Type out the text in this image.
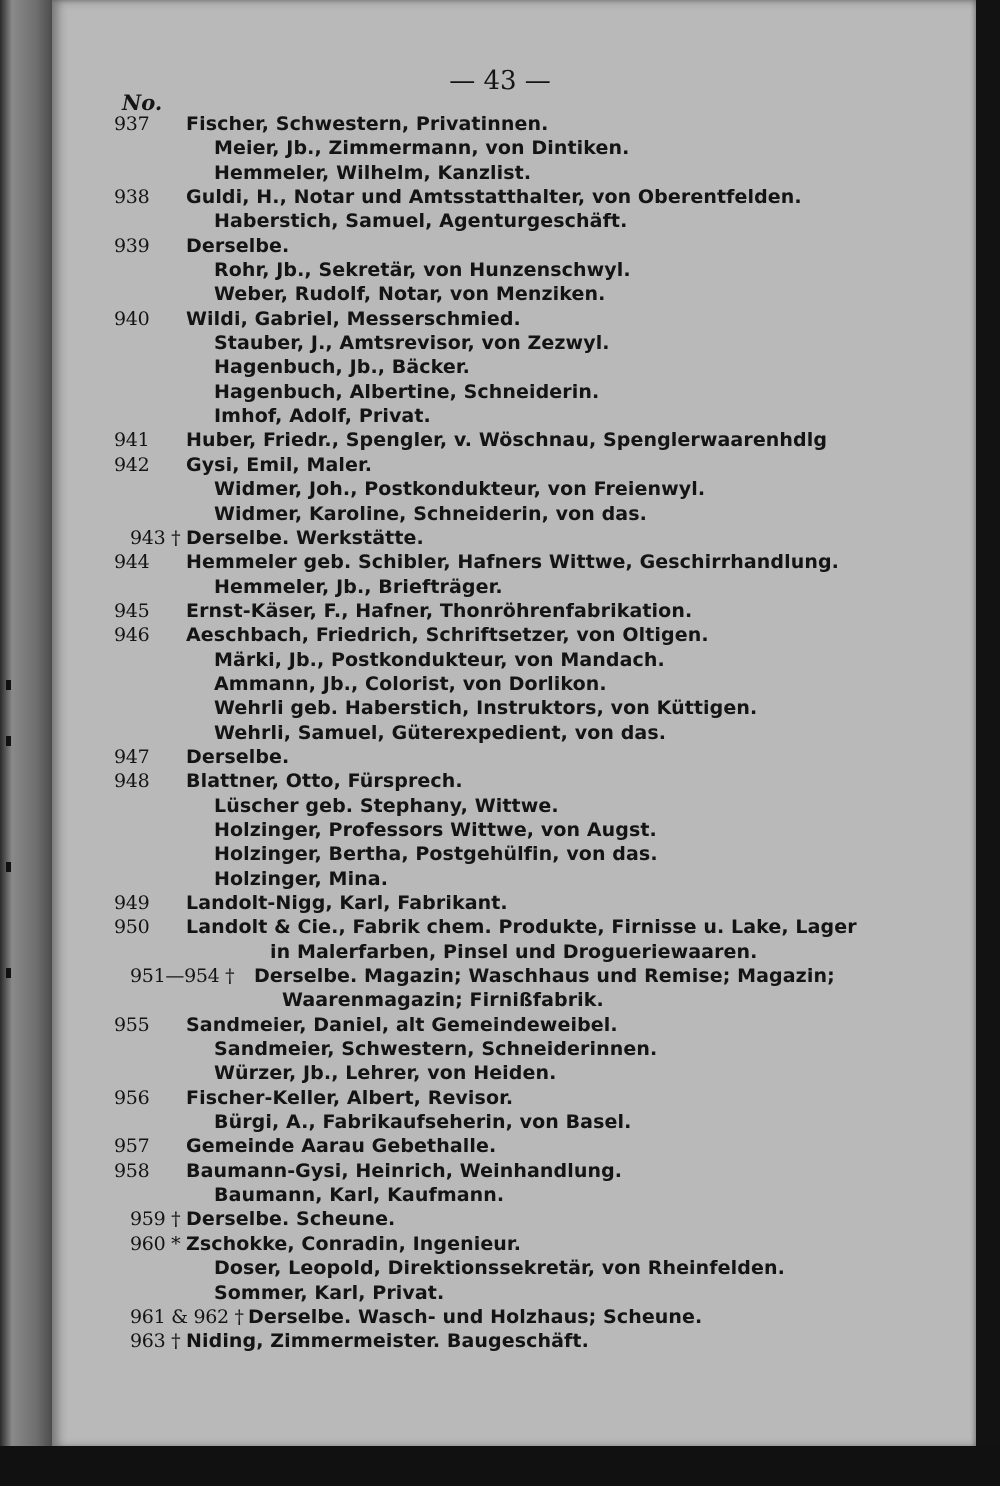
— 43 —
No.
937	Fischer, Schwestern, Privatinnen.
Meier, Jb., Zimmermann, von Dintiken.
Hemmeler, Wilhelm, Kanzlist.
938	Guldi, H., Notar und Amtsstatthalter, von Oberentfelden.
Haberstich, Samuel, Agenturgeschäft.
939	Derselbe.
Rohr, Jb., Sekretär, von Hunzenschwyl.
Weber, Rudolf, Notar, von Menziken.
940	Wildi, Gabriel, Messerschmied.
Stauber, J., Amtsrevisor, von Zezwyl.
Hagenbuch, Jb., Bäcker.
Hagenbuch, Albertine, Schneiderin.
Imhof, Adolf, Privat.
941	Huber, Friedr., Spengler, v. Wöschnau, Spenglerwaarenhdlg
942	Gysi, Emil, Maler.
Widmer, Joh., Postkondukteur, von Freienwyl.
Widmer, Karoline, Schneiderin, von das.
943 † Derselbe. Werkstätte.
944	Hemmeler geb. Schibler, Hafners Wittwe, Geschirrhandlung.
Hemmeler, Jb., Briefträger.
945	Ernst-Käser, F., Hafner, Thonröhrenfabrikation.
946	Aeschbach, Friedrich, Schriftsetzer, von Oltigen.
Märki, Jb., Postkondukteur, von Mandach.
Ammann, Jb., Colorist, von Dorlikon.
Wehrli geb. Haberstich, Instruktors, von Küttigen.
Wehrli, Samuel, Güterexpedient, von das.
947	Derselbe.
948	Blattner, Otto, Fürsprech.
Lüscher geb. Stephany, Wittwe.
Holzinger, Professors Wittwe, von Augst.
Holzinger, Bertha, Postgehülfin, von das.
Holzinger, Mina.
949	Landolt-Nigg, Karl, Fabrikant.
950	Landolt & Cie., Fabrik chem. Produkte, Firnisse u. Lake, Lager
in Malerfarben, Pinsel und Drogueriewaaren.
951—954 † Derselbe. Magazin; Waschhaus und Remise; Magazin;
Waarenmagazin; Firnißfabrik.
955	Sandmeier, Daniel, alt Gemeindeweibel.
Sandmeier, Schwestern, Schneiderinnen.
Würzer, Jb., Lehrer, von Heiden.
956	Fischer-Keller, Albert, Revisor.
Bürgi, A., Fabrikaufseherin, von Basel.
957	Gemeinde Aarau Gebethalle.
958	Baumann-Gysi, Heinrich, Weinhandlung.
Baumann, Karl, Kaufmann.
959 † Derselbe. Scheune.
960 * Zschokke, Conradin, Ingenieur.
Doser, Leopold, Direktionssekretär, von Rheinfelden.
Sommer, Karl, Privat.
961 & 962 † Derselbe. Wasch- und Holzhaus; Scheune.
963 † Niding, Zimmermeister. Baugeschäft.
